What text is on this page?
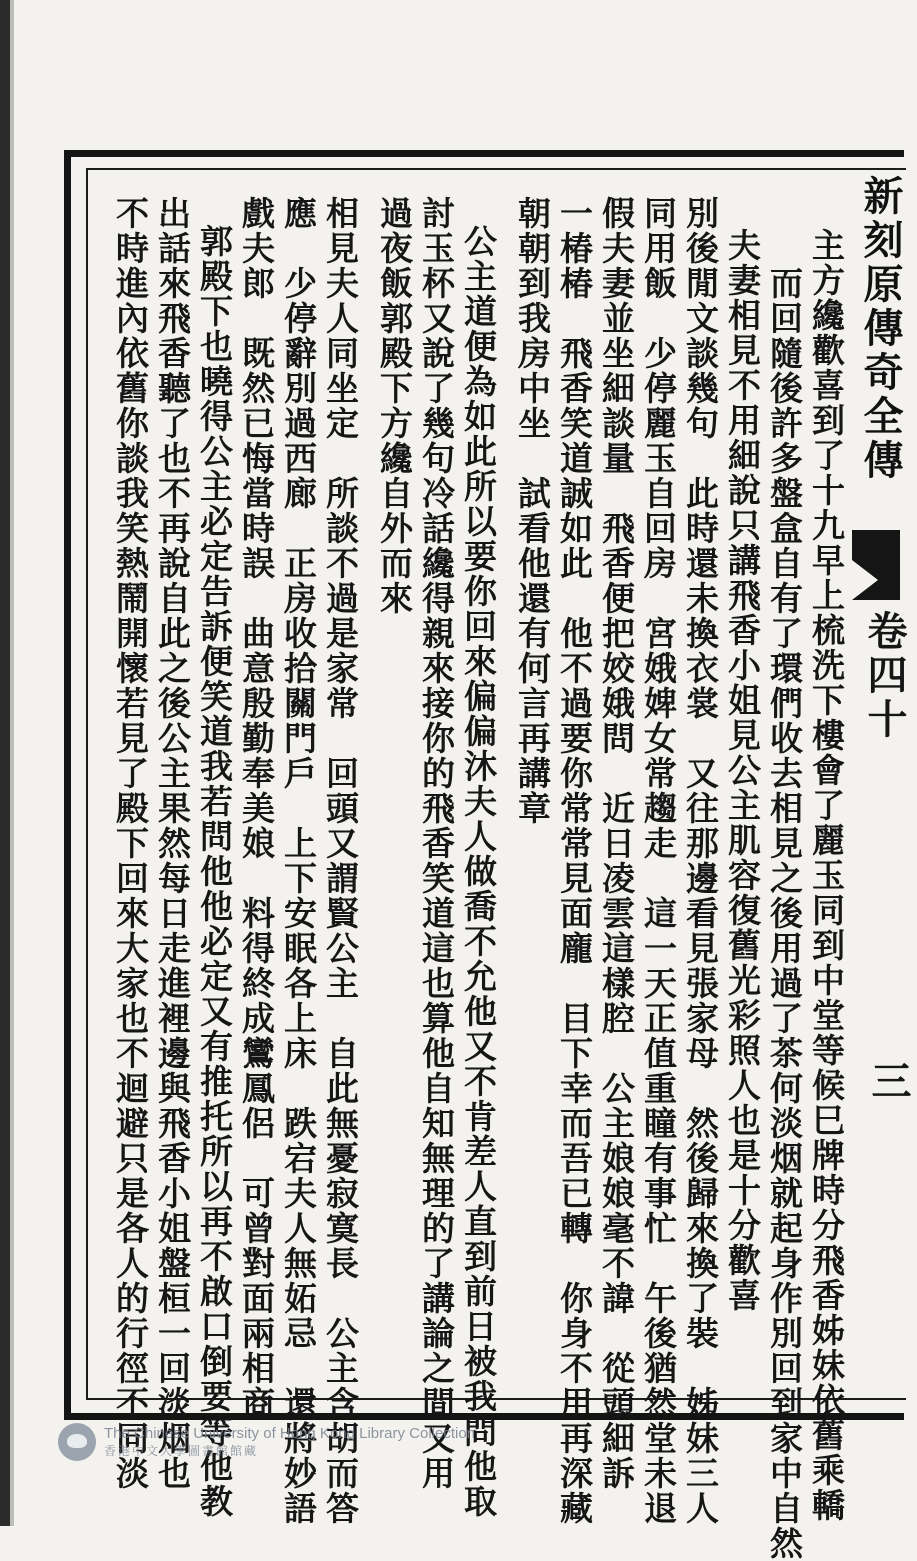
新刻原傳奇全傳
卷四十
三
主方纔歡喜到了十九早上梳洗下樓會了麗玉同到中堂等候巳牌時分飛香姊妹依舊乘轎
而回隨後許多盤盒自有了環們收去相見之後用過了茶何淡烟就起身作別回到家中自然
夫妻相見不用細說只講飛香小姐見公主肌容復舊光彩照人也是十分歡喜
別後閒文談幾句　此時還未換衣裳　又往那邊看見張家母　然後歸來換了裝　姊妹三人
同用飯　少停麗玉自回房　宮娥婢女常趨走　這一天正值重瞳有事忙　午後猶然堂未退
假夫妻並坐細談量　飛香便把姣娥問　近日凌雲這樣腔　公主娘娘毫不諱　從頭細訴
一椿椿　飛香笑道誠如此　他不過要你常常見面龐　目下幸而吾已轉　你身不用再深藏
朝朝到我房中坐　試看他還有何言再講章
公主道便為如此所以要你回來偏偏沐夫人做喬不允他又不肯差人直到前日被我問他取
討玉杯又說了幾句冷話纔得親來接你的飛香笑道這也算他自知無理的了講論之間又用
過夜飯郭殿下方纔自外而來
相見夫人同坐定　所談不過是家常　回頭又謂賢公主　自此無憂寂寞長　公主含胡而答
應　少停辭別過西廊　正房收拾關門戶　上下安眠各上床　跌宕夫人無妬忌　還將妙語
戲夫郎　既然已悔當時誤　曲意殷勤奉美娘　料得終成鸞鳳侶　可曾對面兩相商
郭殿下也曉得公主必定告訴便笑道我若問他他必定又有推托所以再不啟口倒要等他教
出話來飛香聽了也不再說自此之後公主果然每日走進裡邊與飛香小姐盤桓一回淡烟也
不時進內依舊你談我笑熱鬧開懷若見了殿下回來大家也不迴避只是各人的行徑不同淡
The Chinese University of Hong Kong Library Collection
香港中文大學圖書館館藏
